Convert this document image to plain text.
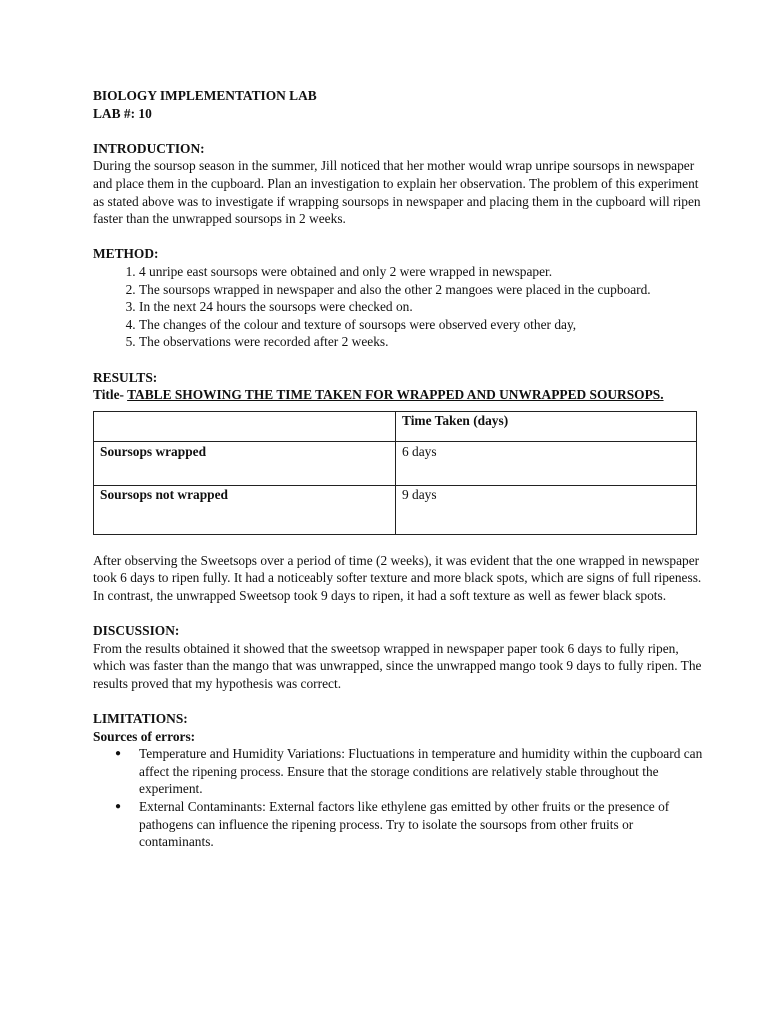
BIOLOGY IMPLEMENTATION LAB

LAB #: 10

INTRODUCTION:

During the soursop season in the summer, Jill noticed that her mother would wrap unripe soursops in newspaper and place them in the cupboard. Plan an investigation to explain her observation. The problem of this experiment as stated above was to investigate if wrapping soursops in newspaper and placing them in the cupboard will ripen faster than the unwrapped soursops in 2 weeks.

METHOD:

1. 4 unripe east soursops were obtained and only 2 were wrapped in newspaper.
2. The soursops wrapped in newspaper and also the other 2 mangoes were placed in the cupboard.
3. In the next 24 hours the soursops were checked on.
4. The changes of the colour and texture of soursops were observed every other day,
5. The observations were recorded after 2 weeks.

RESULTS:

Title- TABLE SHOWING THE TIME TAKEN FOR WRAPPED AND UNWRAPPED SOURSOPS.

	Time Taken (days)
Soursops wrapped	6 days
Soursops not wrapped	9 days

After observing the Sweetsops over a period of time (2 weeks), it was evident that the one wrapped in newspaper took 6 days to ripen fully. It had a noticeably softer texture and more black spots, which are signs of full ripeness. In contrast, the unwrapped Sweetsop took 9 days to ripen, it had a soft texture as well as fewer black spots.

DISCUSSION:

From the results obtained it showed that the sweetsop wrapped in newspaper paper took 6 days to fully ripen, which was faster than the mango that was unwrapped, since the unwrapped mango took 9 days to fully ripen. The results proved that my hypothesis was correct.

LIMITATIONS:

Sources of errors:

● Temperature and Humidity Variations: Fluctuations in temperature and humidity within the cupboard can affect the ripening process. Ensure that the storage conditions are relatively stable throughout the experiment.
● External Contaminants: External factors like ethylene gas emitted by other fruits or the presence of pathogens can influence the ripening process. Try to isolate the soursops from other fruits or contaminants.
